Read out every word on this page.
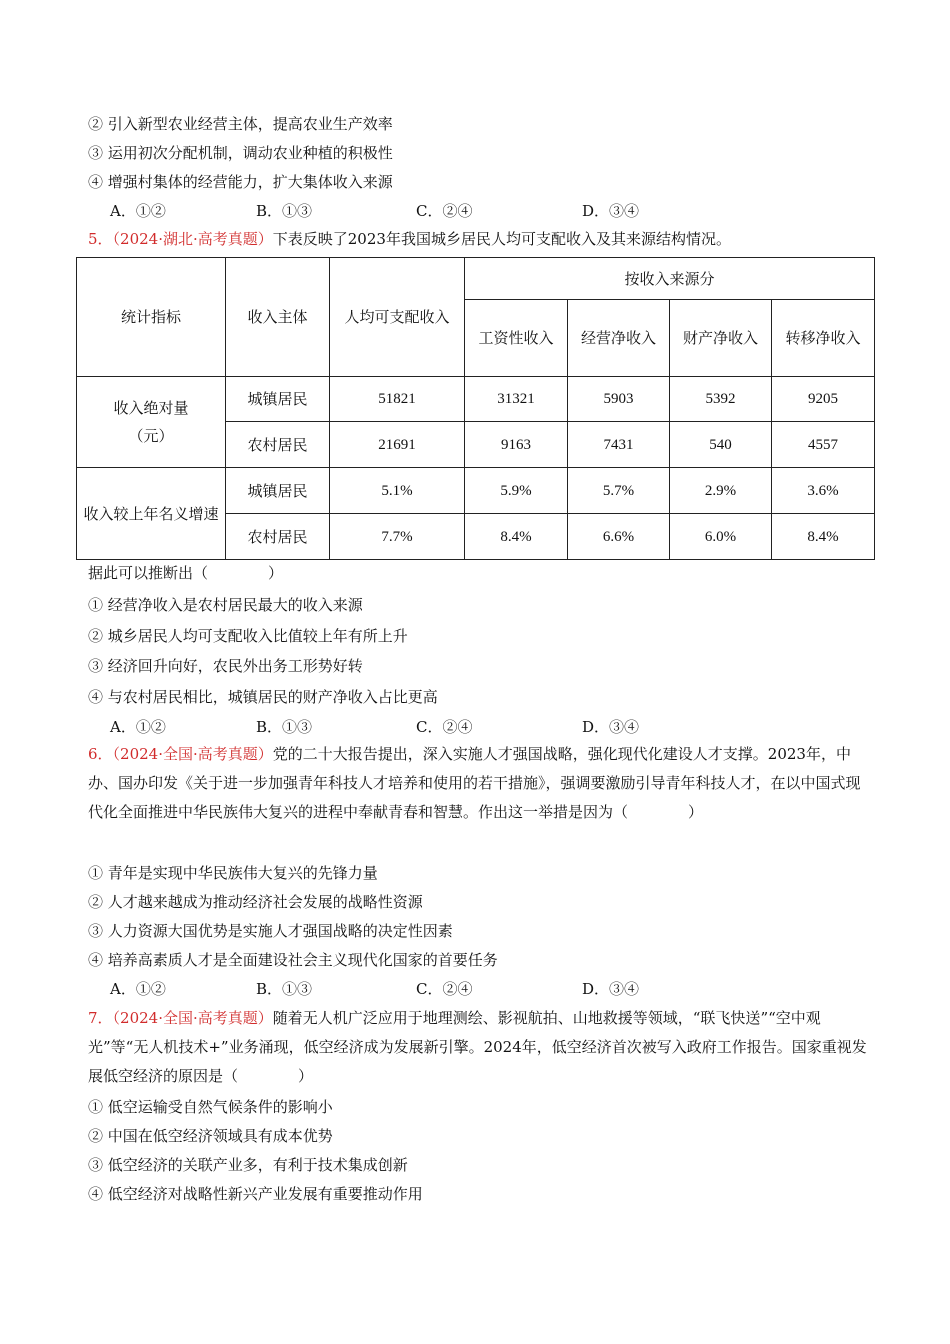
② 引入新型农业经营主体，提高农业生产效率
③ 运用初次分配机制，调动农业种植的积极性
④ 增强村集体的经营能力，扩大集体收入来源
A．①②	B．①③	C．②④	D．③④
5．（2024·湖北·高考真题）下表反映了2023年我国城乡居民人均可支配收入及其来源结构情况。
统计指标	收入主体	人均可支配收入	按收入来源分			
			工资性收入	经营净收入	财产净收入	转移净收入

收入绝对量
（元）	城镇居民	51821	31321	5903	5392	9205
	农村居民	21691	9163	7431	540	4557
收入较上年名义增速	城镇居民	5.1%	5.9%	5.7%	2.9%	3.6%
	农村居民	7.7%	8.4%	6.6%	6.0%	8.4%
据此可以推断出（　　　　）
① 经营净收入是农村居民最大的收入来源
② 城乡居民人均可支配收入比值较上年有所上升
③ 经济回升向好，农民外出务工形势好转
④ 与农村居民相比，城镇居民的财产净收入占比更高
A．①②	B．①③	C．②④	D．③④
6．（2024·全国·高考真题）党的二十大报告提出，深入实施人才强国战略，强化现代化建设人才支撑。2023年，中办、国办印发《关于进一步加强青年科技人才培养和使用的若干措施》，强调要激励引导青年科技人才，在以中国式现代化全面推进中华民族伟大复兴的进程中奉献青春和智慧。作出这一举措是因为（　　　　）
① 青年是实现中华民族伟大复兴的先锋力量
② 人才越来越成为推动经济社会发展的战略性资源
③ 人力资源大国优势是实施人才强国战略的决定性因素
④ 培养高素质人才是全面建设社会主义现代化国家的首要任务
A．①②	B．①③	C．②④	D．③④
7．（2024·全国·高考真题）随着无人机广泛应用于地理测绘、影视航拍、山地救援等领域，“联飞快送”“空中观光”等“无人机技术+”业务涌现，低空经济成为发展新引擎。2024年，低空经济首次被写入政府工作报告。国家重视发展低空经济的原因是（　　　　）
① 低空运输受自然气候条件的影响小
② 中国在低空经济领域具有成本优势
③ 低空经济的关联产业多，有利于技术集成创新
④ 低空经济对战略性新兴产业发展有重要推动作用
